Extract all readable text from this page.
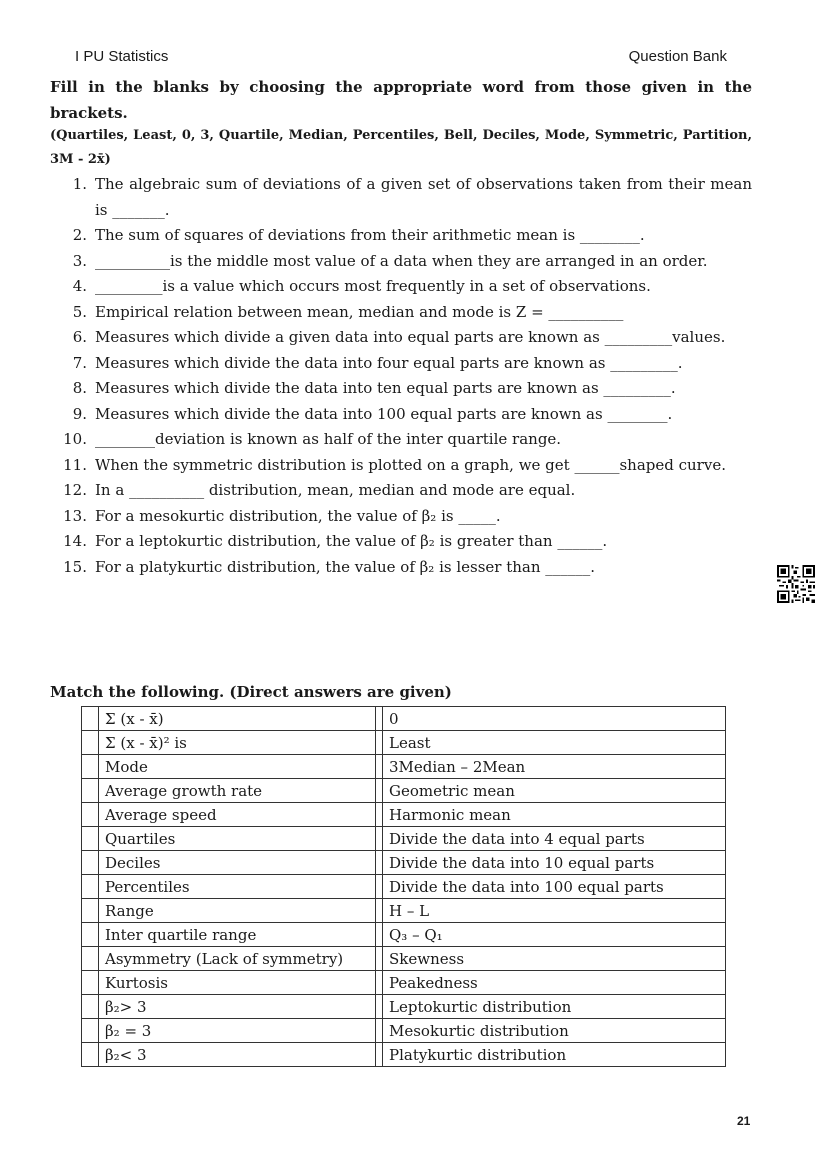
I PU Statistics	Question Bank
Fill in the blanks by choosing the appropriate word from those given in the brackets.
(Quartiles, Least, 0, 3, Quartile, Median, Percentiles, Bell, Deciles, Mode, Symmetric, Partition, 3M - 2x̄)
1. The algebraic sum of deviations of a given set of observations taken from their mean is _______.
2. The sum of squares of deviations from their arithmetic mean is ________.
3. __________is the middle most value of a data when they are arranged in an order.
4. _________is a value which occurs most frequently in a set of observations.
5. Empirical relation between mean, median and mode is Z = __________
6. Measures which divide a given data into equal parts are known as _________values.
7. Measures which divide the data into four equal parts are known as _________.
8. Measures which divide the data into ten equal parts are known as _________.
9. Measures which divide the data into 100 equal parts are known as ________.
10. ________deviation is known as half of the inter quartile range.
11. When the symmetric distribution is plotted on a graph, we get ______shaped curve.
12. In a __________ distribution, mean, median and mode are equal.
13. For a mesokurtic distribution, the value of β₂ is _____.
14. For a leptokurtic distribution, the value of β₂ is greater than ______.
15. For a platykurtic distribution, the value of β₂ is lesser than ______.
Match the following. (Direct answers are given)
	Σ (x - x̄)		0
	Σ (x - x̄)² is		Least
	Mode		3Median – 2Mean
	Average growth rate		Geometric mean
	Average speed		Harmonic mean
	Quartiles		Divide the data into 4 equal parts
	Deciles		Divide the data into 10 equal parts
	Percentiles		Divide the data into 100 equal parts
	Range		H – L
	Inter quartile range		Q₃ – Q₁
	Asymmetry (Lack of symmetry)		Skewness
	Kurtosis		Peakedness
	β₂> 3		Leptokurtic distribution
	β₂ = 3		Mesokurtic distribution
	β₂< 3		Platykurtic distribution
21
